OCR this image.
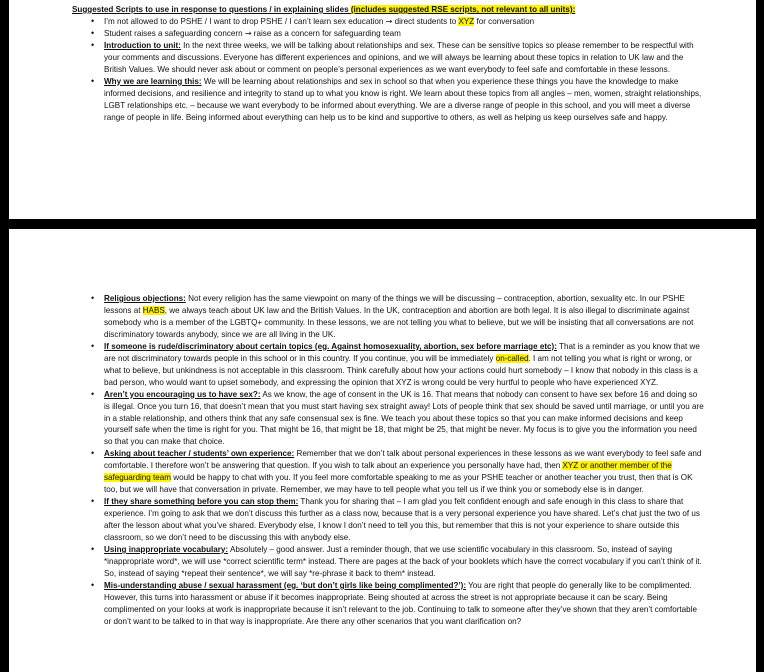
Suggested Scripts to use in response to questions / in explaining slides (includes suggested RSE scripts, not relevant to all units):
• I’m not allowed to do PSHE / I want to drop PSHE / I can’t learn sex education → direct students to XYZ for conversation
• Student raises a safeguarding concern → raise as a concern for safeguarding team
• Introduction to unit: In the next three weeks, we will be talking about relationships and sex. These can be sensitive topics so please remember to be respectful with your comments and discussions. Everyone has different experiences and opinions, and we will always be learning about these topics in relation to UK law and the British Values. We should never ask about or comment on people’s personal experiences as we want everybody to feel safe and comfortable in these lessons.
• Why we are learning this: We will be learning about relationships and sex in school so that when you experience these things you have the knowledge to make informed decisions, and resilience and integrity to stand up to what you know is right. We learn about these topics from all angles – men, women, straight relationships, LGBT relationships etc. – because we want everybody to be informed about everything. We are a diverse range of people in this school, and you will meet a diverse range of people in life. Being informed about everything can help us to be kind and supportive to others, as well as helping us keep ourselves safe and happy.
• Religious objections: Not every religion has the same viewpoint on many of the things we will be discussing – contraception, abortion, sexuality etc. In our PSHE lessons at HABS, we always teach about UK law and the British Values. In the UK, contraception and abortion are both legal. It is also illegal to discriminate against somebody who is a member of the LGBTQ+ community. In these lessons, we are not telling you what to believe, but we will be insisting that all conversations are not discriminatory towards anybody, since we are all living in the UK.
• If someone is rude/discriminatory about certain topics (eg. Against homosexuality, abortion, sex before marriage etc): That is a reminder as you know that we are not discriminatory towards people in this school or in this country. If you continue, you will be immediately on-called. I am not telling you what is right or wrong, or what to believe, but unkindness is not acceptable in this classroom. Think carefully about how your actions could hurt somebody – I know that nobody in this class is a bad person, who would want to upset somebody, and expressing the opinion that XYZ is wrong could be very hurtful to people who have experienced XYZ.
• Aren’t you encouraging us to have sex?: As we know, the age of consent in the UK is 16. That means that nobody can consent to have sex before 16 and doing so is illegal. Once you turn 16, that doesn’t mean that you must start having sex straight away! Lots of people think that sex should be saved until marriage, or until you are in a stable relationship, and others think that any safe consensual sex is fine. We teach you about these topics so that you can make informed decisions and keep yourself safe when the time is right for you. That might be 16, that might be 18, that might be 25, that might be never. My focus is to give you the information you need so that you can make that choice.
• Asking about teacher / students’ own experience: Remember that we don’t talk about personal experiences in these lessons as we want everybody to feel safe and comfortable. I therefore won’t be answering that question. If you wish to talk about an experience you personally have had, then XYZ or another member of the safeguarding team would be happy to chat with you. If you feel more comfortable speaking to me as your PSHE teacher or another teacher you trust, then that is OK too, but we will have that conversation in private. Remember, we may have to tell people what you tell us if we think you or somebody else is in danger.
• If they share something before you can stop them: Thank you for sharing that – I am glad you felt confident enough and safe enough in this class to share that experience. I’m going to ask that we don’t discuss this further as a class now, because that is a very personal experience you have shared. Let’s chat just the two of us after the lesson about what you’ve shared. Everybody else, I know I don’t need to tell you this, but remember that this is not your experience to share outside this classroom, so we don’t need to be discussing this with anybody else.
• Using inappropriate vocabulary: Absolutely – good answer. Just a reminder though, that we use scientific vocabulary in this classroom. So, instead of saying *inappropriate word*, we will use *correct scientific term* instead. There are pages at the back of your booklets which have the correct vocabulary if you can’t think of it. So, instead of saying *repeat their sentence*, we will say *re-phrase it back to them* instead.
• Mis-understanding abuse / sexual harassment (eg. ‘but don’t girls like being complimented?’): You are right that people do generally like to be complimented. However, this turns into harassment or abuse if it becomes inappropriate. Being shouted at across the street is not appropriate because it can be scary. Being complimented on your looks at work is inappropriate because it isn’t relevant to the job. Continuing to talk to someone after they’ve shown that they aren’t comfortable or don’t want to be talked to in that way is inappropriate. Are there any other scenarios that you want clarification on?
